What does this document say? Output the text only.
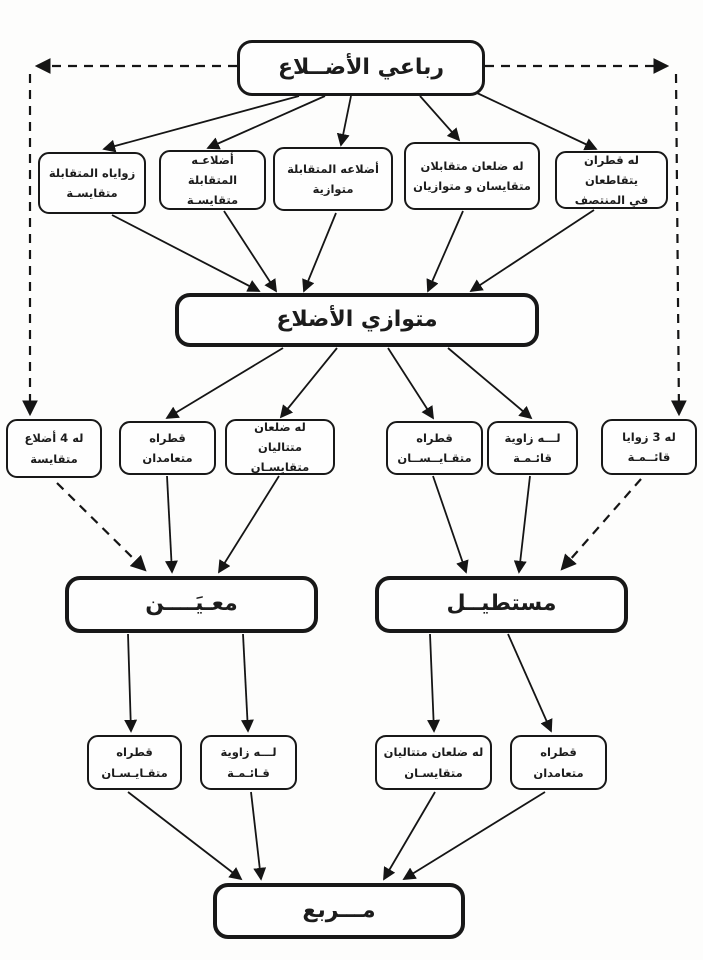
رباعي الأضــلاع
متوازي الأضلاع
معـيَــــن	مستطيــل
مـــربع
زواياه المتقابلة
متقايسـة
أضلاعـه المتقابلة
متقايسـة
أضلاعه المتقابلة
متوازية
له ضلعان متقابلان
متقايسان و متوازيان
له قطران يتقاطعان
في المنتصف
له 4 أضلاع
متقايسة
قطراه متعامدان
له ضلعان متتاليان
متقايسـان
قطراه
متقـايــســان
لـــه زاوية
قائـمـة
له 3 زوايا
قائــمـة
قطراه
متقـايـسـان
لـــه زاوية
قـائـمـة
له ضلعان متتاليان
متقايسـان
قطراه
متعامدان
